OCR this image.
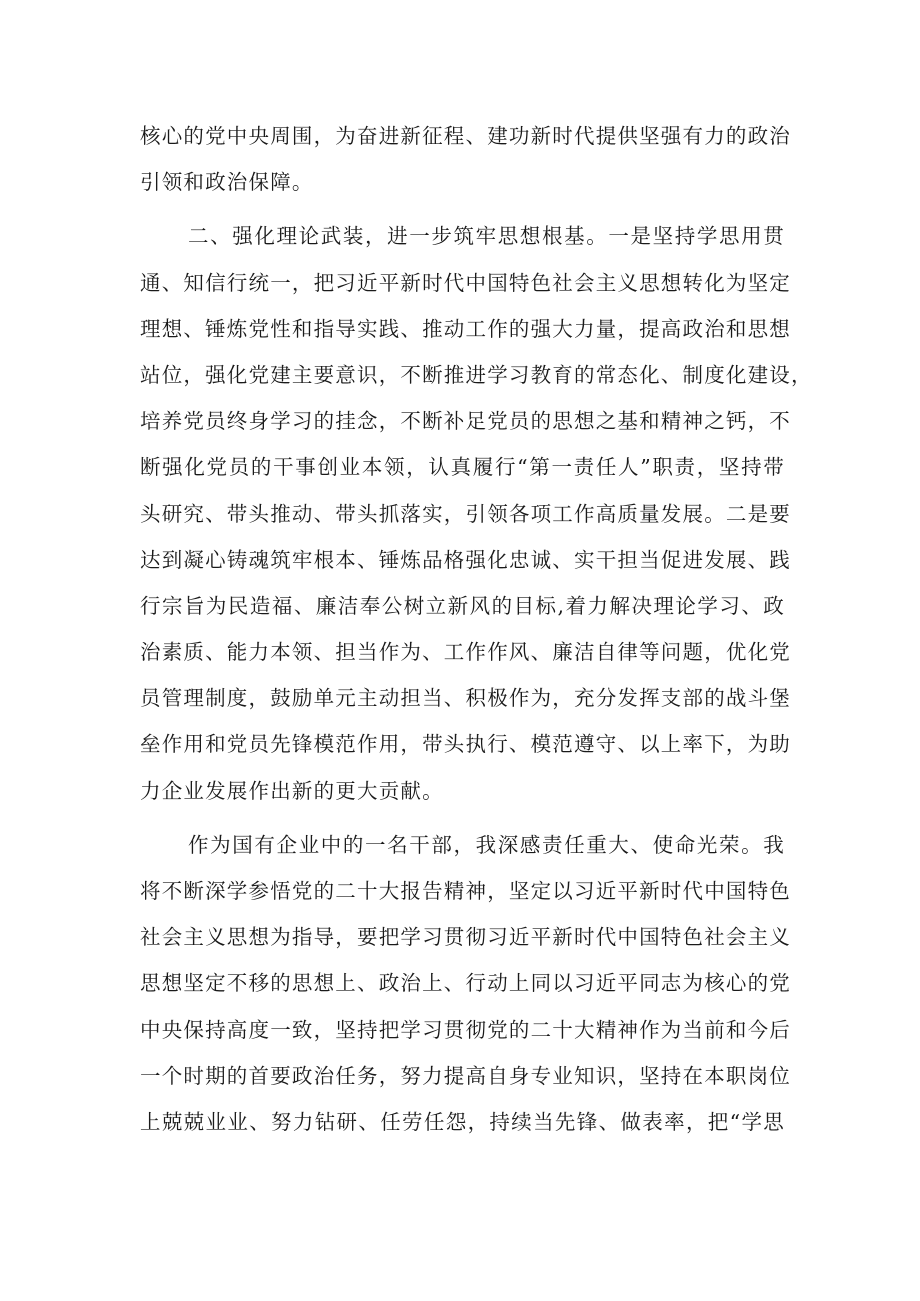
核心的党中央周围，为奋进新征程、建功新时代提供坚强有力的政治
引领和政治保障。
二、强化理论武装，进一步筑牢思想根基。一是坚持学思用贯
通、知信行统一，把习近平新时代中国特色社会主义思想转化为坚定
理想、锤炼党性和指导实践、推动工作的强大力量，提高政治和思想
站位，强化党建主要意识，不断推进学习教育的常态化、制度化建设，
培养党员终身学习的挂念，不断补足党员的思想之基和精神之钙，不
断强化党员的干事创业本领，认真履行“第一责任人”职责，坚持带
头研究、带头推动、带头抓落实，引领各项工作高质量发展。二是要
达到凝心铸魂筑牢根本、锤炼品格强化忠诚、实干担当促进发展、践
行宗旨为民造福、廉洁奉公树立新风的目标,着力解决理论学习、政
治素质、能力本领、担当作为、工作作风、廉洁自律等问题，优化党
员管理制度，鼓励单元主动担当、积极作为，充分发挥支部的战斗堡
垒作用和党员先锋模范作用，带头执行、模范遵守、以上率下，为助
力企业发展作出新的更大贡献。
作为国有企业中的一名干部，我深感责任重大、使命光荣。我
将不断深学参悟党的二十大报告精神，坚定以习近平新时代中国特色
社会主义思想为指导，要把学习贯彻习近平新时代中国特色社会主义
思想坚定不移的思想上、政治上、行动上同以习近平同志为核心的党
中央保持高度一致，坚持把学习贯彻党的二十大精神作为当前和今后
一个时期的首要政治任务，努力提高自身专业知识，坚持在本职岗位
上兢兢业业、努力钻研、任劳任怨，持续当先锋、做表率，把“学思
